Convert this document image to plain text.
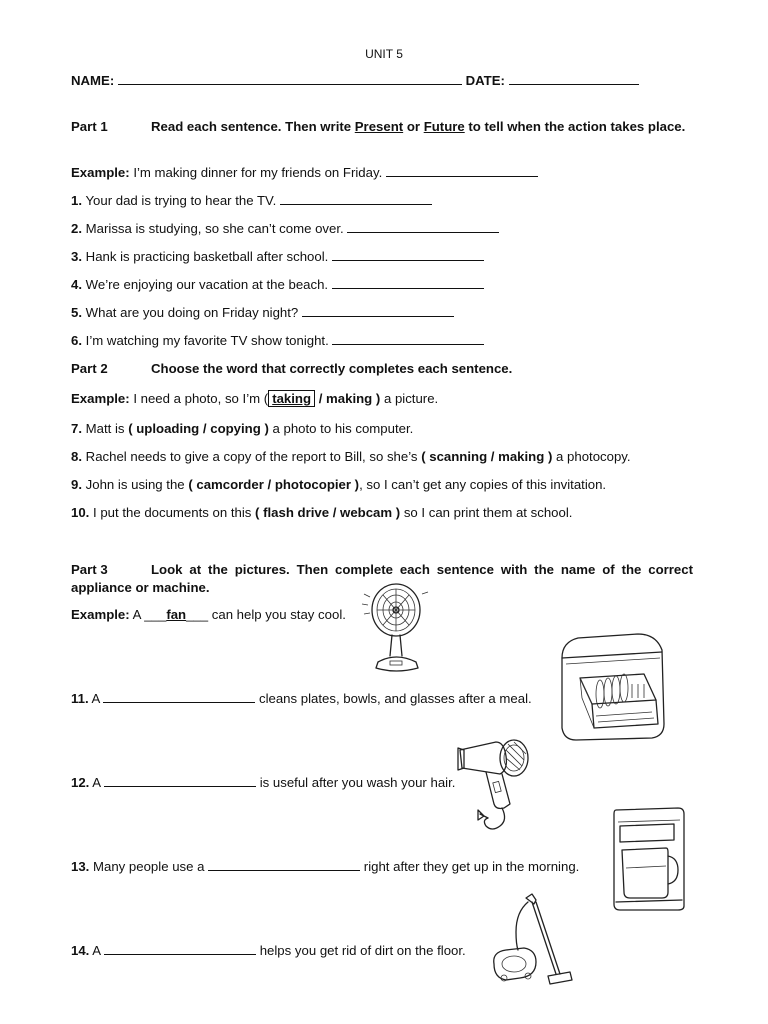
UNIT 5
NAME:	DATE:
Part 1	Read each sentence. Then write Present or Future to tell when the action takes place.
Example: I’m making dinner for my friends on Friday.
1. Your dad is trying to hear the TV.
2. Marissa is studying, so she can’t come over.
3. Hank is practicing basketball after school.
4. We’re enjoying our vacation at the beach.
5. What are you doing on Friday night?
6. I’m watching my favorite TV show tonight.
Part 2	Choose the word that correctly completes each sentence.
Example: I need a photo, so I’m ( taking / making ) a picture.
7. Matt is ( uploading / copying ) a photo to his computer.
8. Rachel needs to give a copy of the report to Bill, so she’s ( scanning / making ) a photocopy.
9. John is using the ( camcorder / photocopier ), so I can’t get any copies of this invitation.
10. I put the documents on this ( flash drive / webcam ) so I can print them at school.
Part 3	Look at the pictures. Then complete each sentence with the name of the correct appliance or machine.
Example: A ___fan___ can help you stay cool.
11. A	cleans plates, bowls, and glasses after a meal.
12. A	is useful after you wash your hair.
13. Many people use a	right after they get up in the morning.
14. A	helps you get rid of dirt on the floor.
